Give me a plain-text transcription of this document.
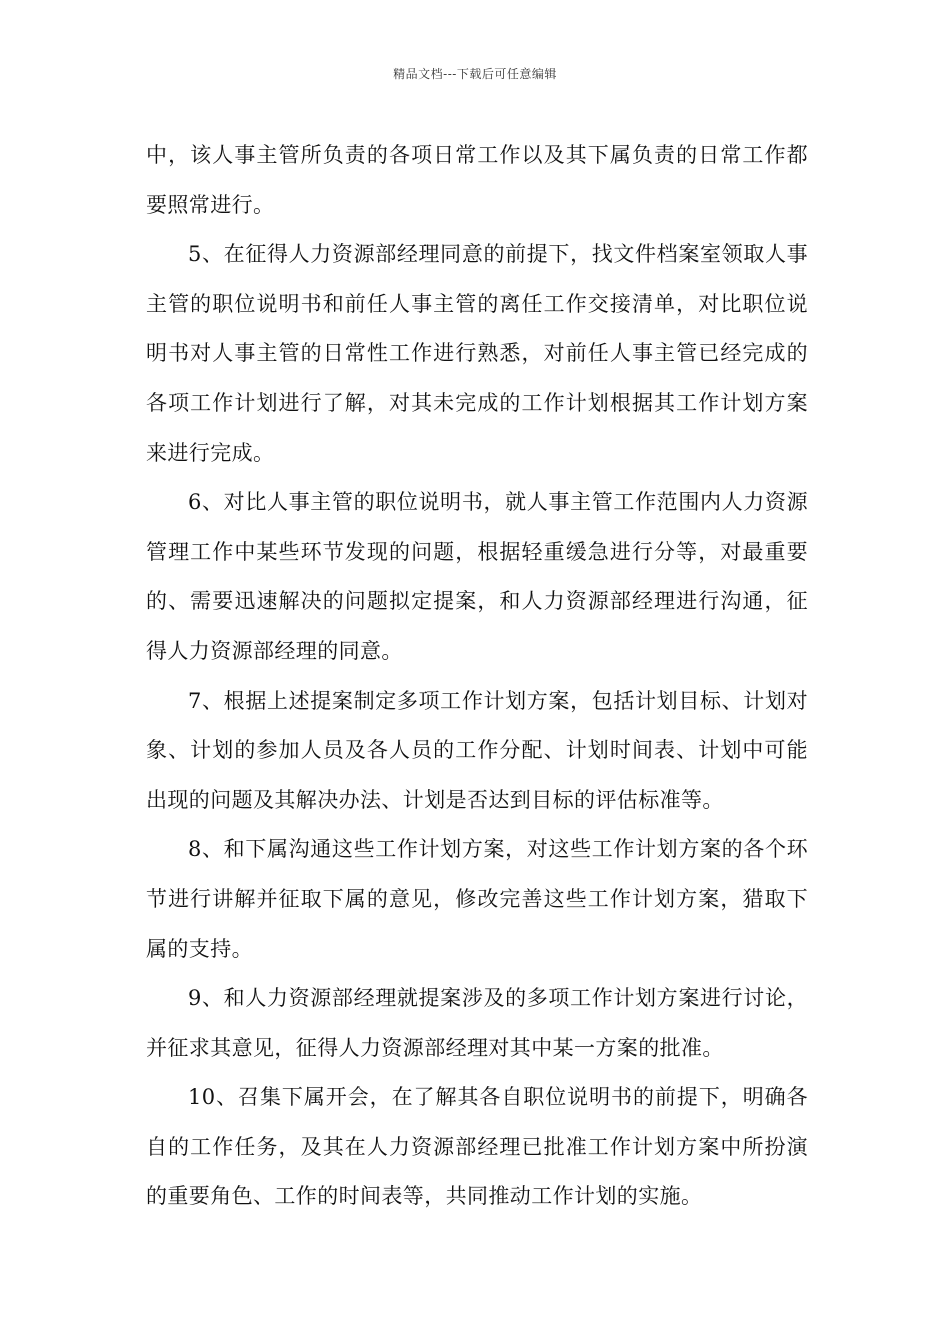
精品文档---下载后可任意编辑

中，该人事主管所负责的各项日常工作以及其下属负责的日常工作都要照常进行。

5、在征得人力资源部经理同意的前提下，找文件档案室领取人事主管的职位说明书和前任人事主管的离任工作交接清单，对比职位说明书对人事主管的日常性工作进行熟悉，对前任人事主管已经完成的各项工作计划进行了解，对其未完成的工作计划根据其工作计划方案来进行完成。

6、对比人事主管的职位说明书，就人事主管工作范围内人力资源管理工作中某些环节发现的问题，根据轻重缓急进行分等，对最重要的、需要迅速解决的问题拟定提案，和人力资源部经理进行沟通，征得人力资源部经理的同意。

7、根据上述提案制定多项工作计划方案，包括计划目标、计划对象、计划的参加人员及各人员的工作分配、计划时间表、计划中可能出现的问题及其解决办法、计划是否达到目标的评估标准等。

8、和下属沟通这些工作计划方案，对这些工作计划方案的各个环节进行讲解并征取下属的意见，修改完善这些工作计划方案，猎取下属的支持。

9、和人力资源部经理就提案涉及的多项工作计划方案进行讨论，并征求其意见，征得人力资源部经理对其中某一方案的批准。

10、召集下属开会，在了解其各自职位说明书的前提下，明确各自的工作任务，及其在人力资源部经理已批准工作计划方案中所扮演的重要角色、工作的时间表等，共同推动工作计划的实施。
